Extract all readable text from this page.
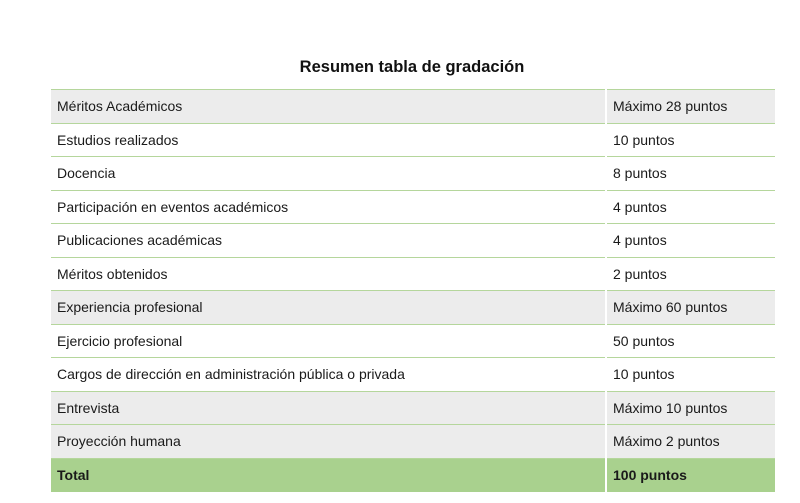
Resumen tabla de gradación
Méritos Académicos	Máximo 28 puntos
Estudios realizados	10 puntos
Docencia	8 puntos
Participación en eventos académicos	4 puntos
Publicaciones académicas	4 puntos
Méritos obtenidos	2 puntos
Experiencia profesional	Máximo 60 puntos
Ejercicio profesional	50 puntos
Cargos de dirección en administración pública o privada	10 puntos
Entrevista	Máximo 10 puntos
Proyección humana	Máximo 2 puntos
Total	100 puntos
